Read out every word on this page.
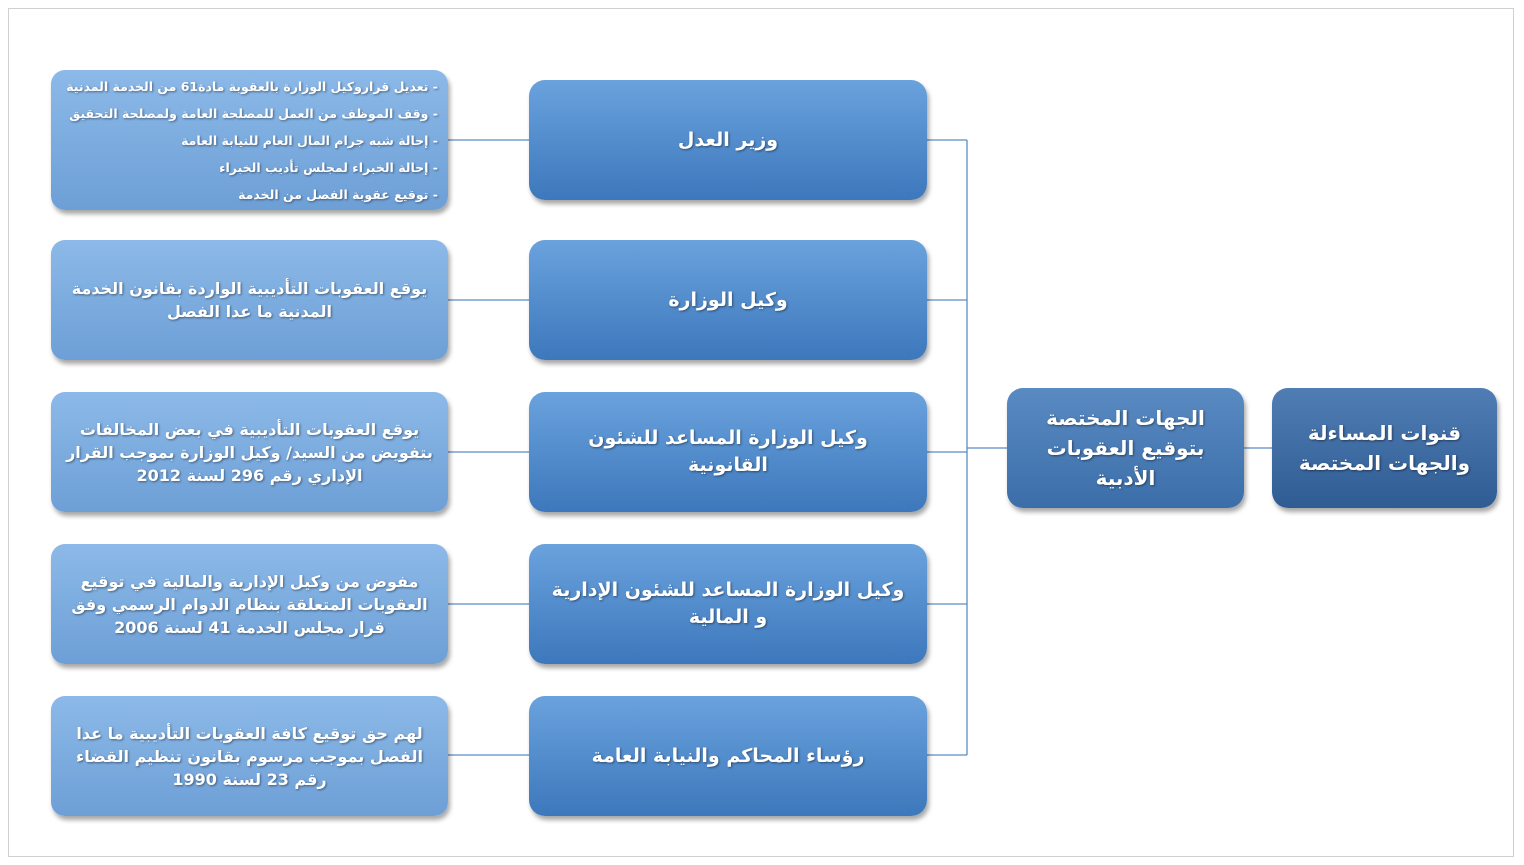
قنوات المساءلة والجهات المختصة
الجهات المختصة بتوقيع العقوبات الأدبية
وزير العدل
وكيل الوزارة
وكيل الوزارة المساعد للشئون القانونية
وكيل الوزارة المساعد للشئون الإدارية و المالية
رؤساء المحاكم والنيابة العامة
- تعديل قراروكيل الوزارة بالعقوبة مادة61 من الخدمة المدنية
- وقف الموظف من العمل للمصلحة العامة ولمصلحة التحقيق
- إحالة شبه جرام المال العام للنيابة العامة
- إحالة الخبراء لمجلس تأديب الخبراء
- توقيع عقوبة الفصل من الخدمة
يوقع العقوبات التأديبية الواردة بقانون الخدمة المدنية ما عدا الفصل
يوقع العقوبات التأديبية في بعض المخالفات بتفويض من السيد/ وكيل الوزارة بموجب القرار الإداري رقم 296 لسنة 2012
مفوض من وكيل الإدارية والمالية في توقيع العقوبات المتعلقة بنظام الدوام الرسمي وفق قرار مجلس الخدمة 41 لسنة 2006
لهم حق توقيع كافة العقوبات التأديبية ما عدا الفصل بموجب مرسوم بقانون تنظيم القضاء رقم 23 لسنة 1990
